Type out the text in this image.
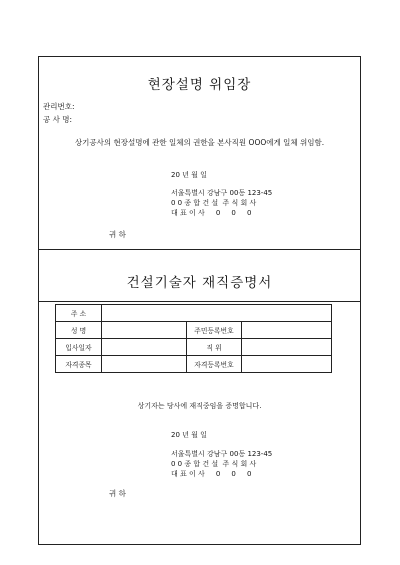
현장설명 위임장
관리번호:
공 사 명:
상기공사의 현장설명에 관한 일체의 권한을 본사직원 OOO에게 일체 위임함.
20 년 월 일
서울특별시 강남구 00동 123-45
0 0 종 합 건 설  주 식 회 사
대 표 이 사     0     0     0
귀 하
건설기술자 재직증명서
주 소			
성 명		주민등록번호	
입사일자		직 위	
자격종목		자격등록번호	
상기자는 당사에 재직중임을 증명합니다.
20 년 월 일
서울특별시 강남구 00동 123-45
0 0 종 합 건 설  주 식 회 사
대 표 이 사     0     0     0
귀 하
